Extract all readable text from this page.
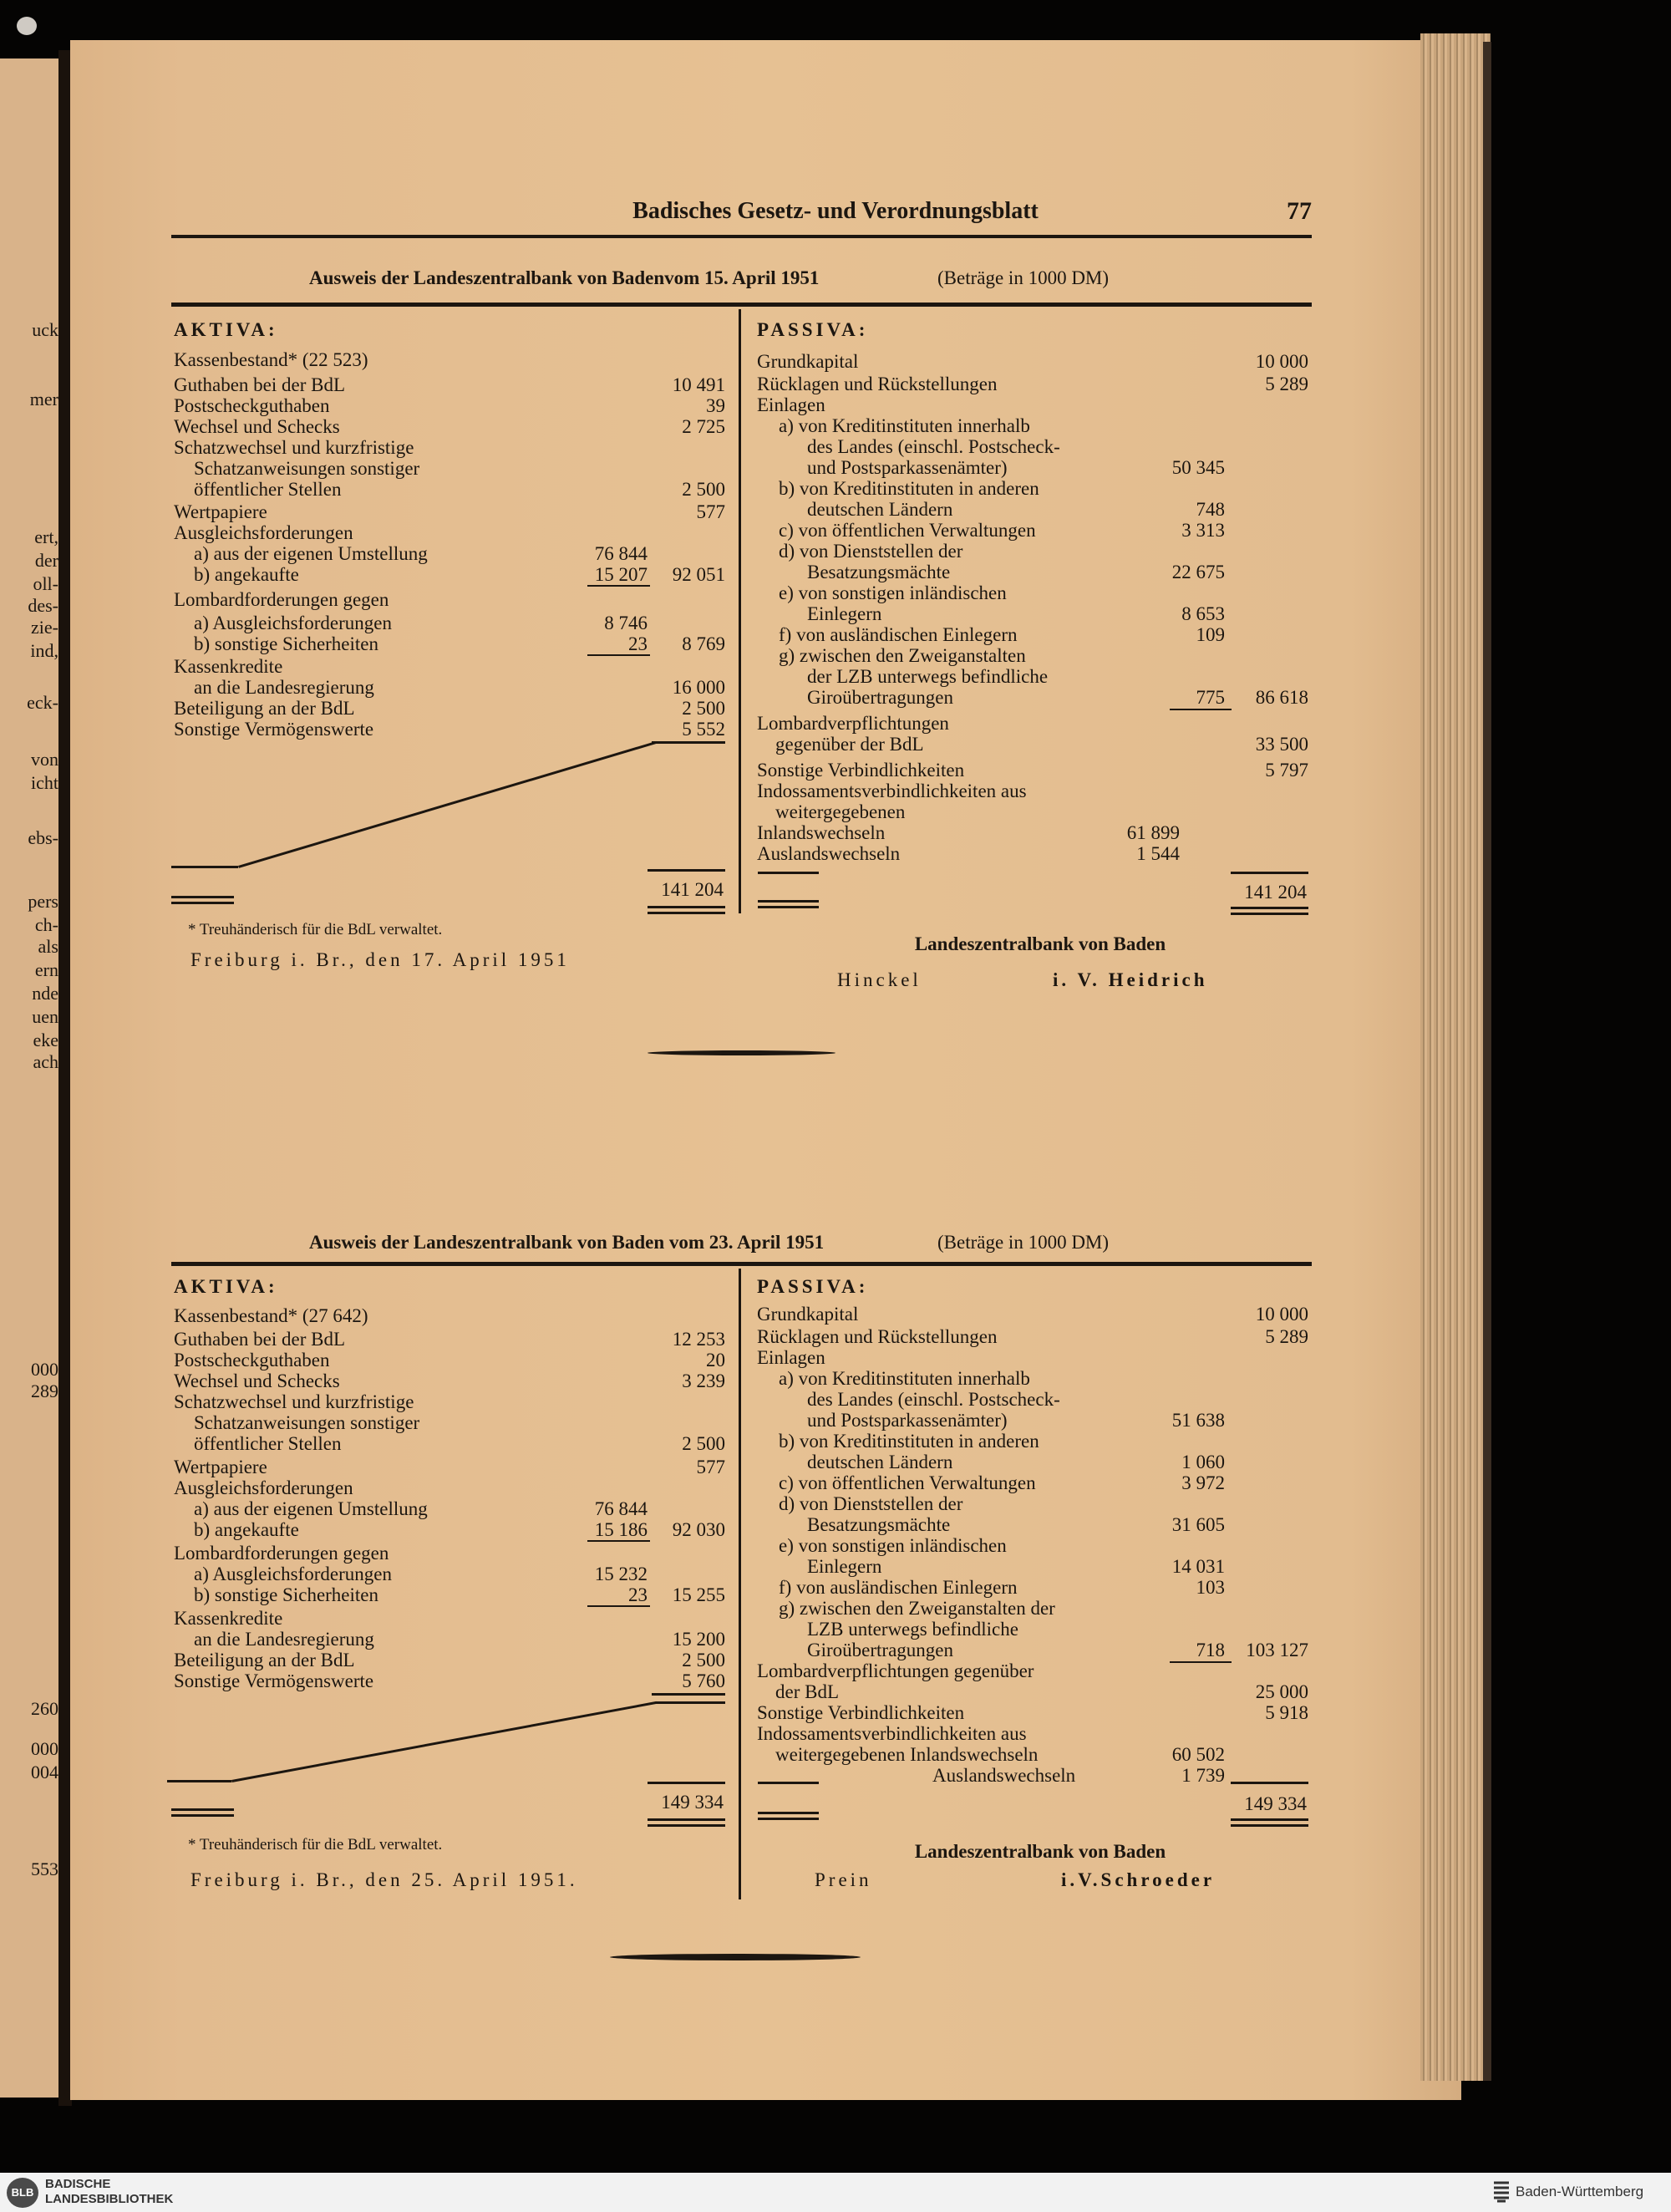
uck
mer
ert,
der
oll-
des-
zie-
ind,
eck-
von
icht
ebs-
pers
ch-
als
ern
nde
uen
eke
ach
000
289
260
000
004
553
Badisches Gesetz- und Verordnungsblatt	77
Ausweis der Landeszentralbank von Badenvom 15. April 1951	(Beträge in 1000 DM)
AKTIVA:	PASSIVA:
Kassenbestand* (22 523)
Guthaben bei der BdL	10 491
Postscheckguthaben	39
Wechsel und Schecks	2 725
Schatzwechsel und kurzfristige
Schatzanweisungen sonstiger
öffentlicher Stellen	2 500
Wertpapiere	577
Ausgleichsforderungen
a) aus der eigenen Umstellung	76 844
b) angekaufte	15 207	92 051
Lombardforderungen gegen
a) Ausgleichsforderungen	8 746
b) sonstige Sicherheiten	23	8 769
Kassenkredite
an die Landesregierung	16 000
Beteiligung an der BdL	2 500
Sonstige Vermögenswerte	5 552
141 204
Grundkapital	10 000
Rücklagen und Rückstellungen	5 289
Einlagen
a) von Kreditinstituten innerhalb
des Landes (einschl. Postscheck-
und Postsparkassenämter)	50 345
b) von Kreditinstituten in anderen
deutschen Ländern	748
c) von öffentlichen Verwaltungen	3 313
d) von Dienststellen der
Besatzungsmächte	22 675
e) von sonstigen inländischen
Einlegern	8 653
f) von ausländischen Einlegern	109
g) zwischen den Zweiganstalten
der LZB unterwegs befindliche
Giroübertragungen	775	86 618
Lombardverpflichtungen
gegenüber der BdL	33 500
Sonstige Verbindlichkeiten	5 797
Indossamentsverbindlichkeiten aus
weitergegebenen
Inlandswechseln	61 899
Auslandswechseln	1 544
141 204
* Treuhänderisch für die BdL verwaltet.
Freiburg i. Br., den 17. April 1951
Landeszentralbank von Baden
Hinckel	i. V. Heidrich
Ausweis der Landeszentralbank von Baden vom 23. April 1951	(Beträge in 1000 DM)
AKTIVA:	PASSIVA:
Kassenbestand* (27 642)
Guthaben bei der BdL	12 253
Postscheckguthaben	20
Wechsel und Schecks	3 239
Schatzwechsel und kurzfristige
Schatzanweisungen sonstiger
öffentlicher Stellen	2 500
Wertpapiere	577
Ausgleichsforderungen
a) aus der eigenen Umstellung	76 844
b) angekaufte	15 186	92 030
Lombardforderungen gegen
a) Ausgleichsforderungen	15 232
b) sonstige Sicherheiten	23	15 255
Kassenkredite
an die Landesregierung	15 200
Beteiligung an der BdL	2 500
Sonstige Vermögenswerte	5 760
149 334
Grundkapital	10 000
Rücklagen und Rückstellungen	5 289
Einlagen
a) von Kreditinstituten innerhalb
des Landes (einschl. Postscheck-
und Postsparkassenämter)	51 638
b) von Kreditinstituten in anderen
deutschen Ländern	1 060
c) von öffentlichen Verwaltungen	3 972
d) von Dienststellen der
Besatzungsmächte	31 605
e) von sonstigen inländischen
Einlegern	14 031
f) von ausländischen Einlegern	103
g) zwischen den Zweiganstalten der
LZB unterwegs befindliche
Giroübertragungen	718	103 127
Lombardverpflichtungen gegenüber
der BdL	25 000
Sonstige Verbindlichkeiten	5 918
Indossamentsverbindlichkeiten aus
weitergegebenen Inlandswechseln	60 502
Auslandswechseln	1 739
149 334
* Treuhänderisch für die BdL verwaltet.
Freiburg i. Br., den 25. April 1951.
Landeszentralbank von Baden
Prein	i.V.Schroeder
BLB
BADISCHE
LANDESBIBLIOTHEK	Baden-Württemberg
